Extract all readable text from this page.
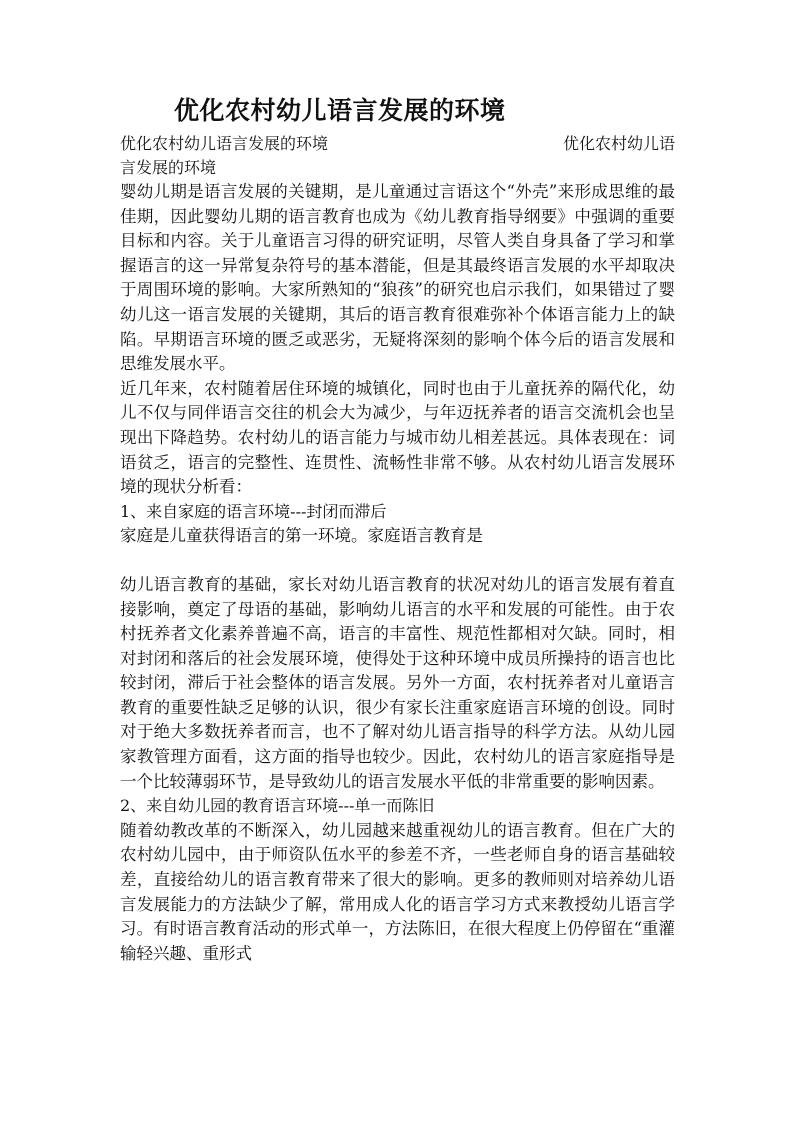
优化农村幼儿语言发展的环境
优化农村幼儿语言发展的环境	优化农村幼儿语
言发展的环境

婴幼儿期是语言发展的关键期，是儿童通过言语这个“外壳”来形成思维的最佳期，因此婴幼儿期的语言教育也成为《幼儿教育指导纲要》中强调的重要目标和内容。关于儿童语言习得的研究证明，尽管人类自身具备了学习和掌握语言的这一异常复杂符号的基本潜能，但是其最终语言发展的水平却取决于周围环境的影响。大家所熟知的“狼孩”的研究也启示我们，如果错过了婴幼儿这一语言发展的关键期，其后的语言教育很难弥补个体语言能力上的缺陷。早期语言环境的匮乏或恶劣，无疑将深刻的影响个体今后的语言发展和思维发展水平。

近几年来，农村随着居住环境的城镇化，同时也由于儿童抚养的隔代化，幼儿不仅与同伴语言交往的机会大为减少，与年迈抚养者的语言交流机会也呈现出下降趋势。农村幼儿的语言能力与城市幼儿相差甚远。具体表现在：词语贫乏，语言的完整性、连贯性、流畅性非常不够。从农村幼儿语言发展环境的现状分析看：

1、来自家庭的语言环境---封闭而滞后

家庭是儿童获得语言的第一环境。家庭语言教育是

幼儿语言教育的基础，家长对幼儿语言教育的状况对幼儿的语言发展有着直接影响，奠定了母语的基础，影响幼儿语言的水平和发展的可能性。由于农村抚养者文化素养普遍不高，语言的丰富性、规范性都相对欠缺。同时，相对封闭和落后的社会发展环境，使得处于这种环境中成员所操持的语言也比较封闭，滞后于社会整体的语言发展。另外一方面，农村抚养者对儿童语言教育的重要性缺乏足够的认识，很少有家长注重家庭语言环境的创设。同时对于绝大多数抚养者而言，也不了解对幼儿语言指导的科学方法。从幼儿园家教管理方面看，这方面的指导也较少。因此，农村幼儿的语言家庭指导是一个比较薄弱环节，是导致幼儿的语言发展水平低的非常重要的影响因素。

2、来自幼儿园的教育语言环境---单一而陈旧

随着幼教改革的不断深入，幼儿园越来越重视幼儿的语言教育。但在广大的农村幼儿园中，由于师资队伍水平的参差不齐，一些老师自身的语言基础较差，直接给幼儿的语言教育带来了很大的影响。更多的教师则对培养幼儿语言发展能力的方法缺少了解，常用成人化的语言学习方式来教授幼儿语言学习。有时语言教育活动的形式单一，方法陈旧，在很大程度上仍停留在“重灌输轻兴趣、重形式
